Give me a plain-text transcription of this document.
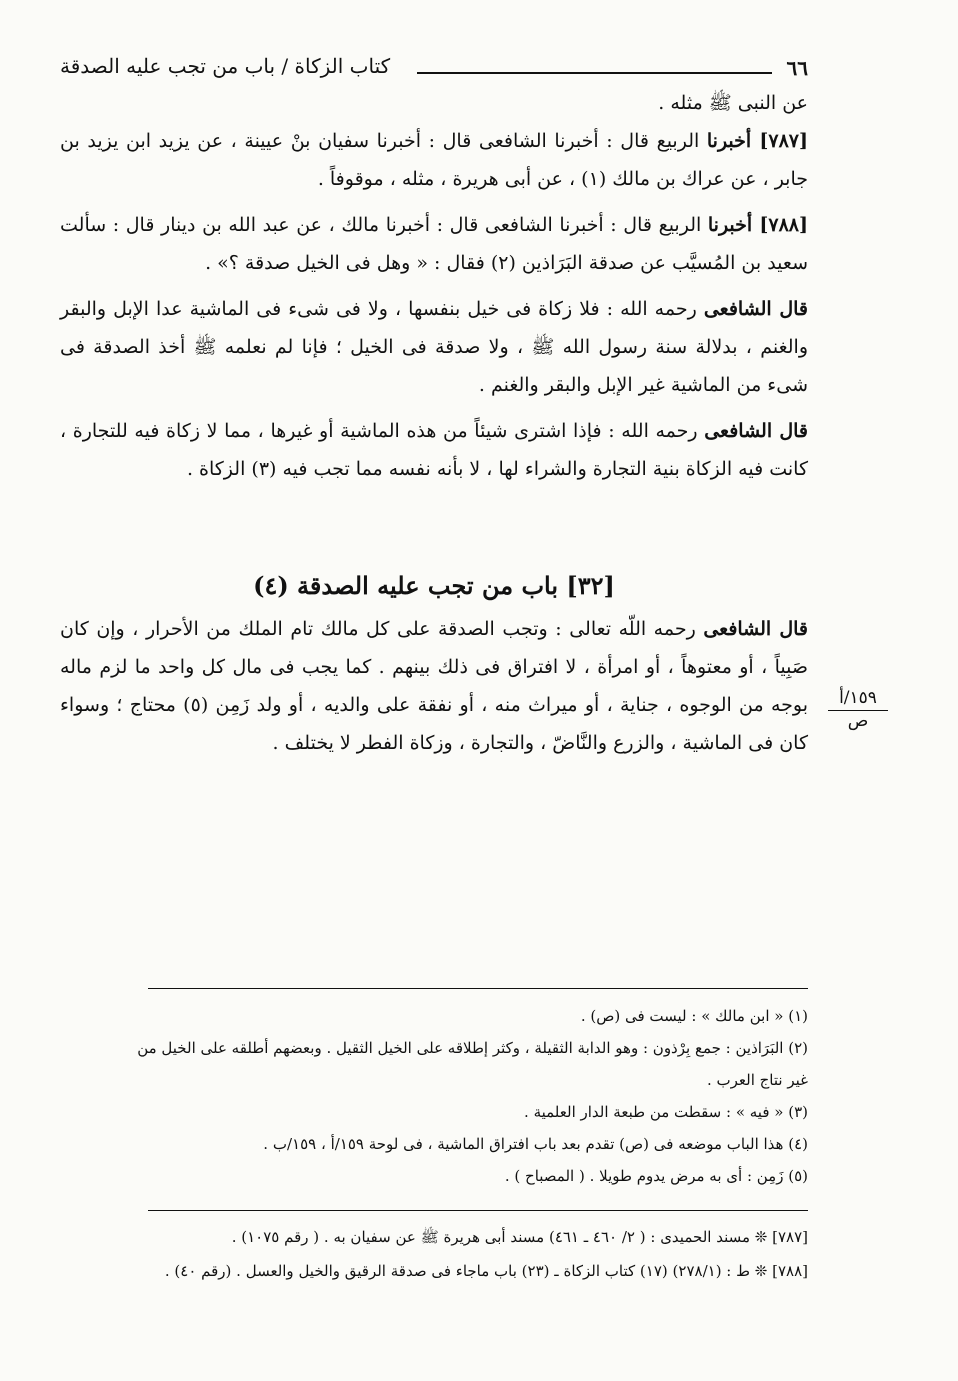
٦٦
كتاب الزكاة / باب من تجب عليه الصدقة

عن النبى ﷺ مثله .

[٧٨٧] أخبرنا الربيع قال : أخبرنا الشافعى قال : أخبرنا سفيان بنْ عيينة ، عن يزيد ابن يزيد بن جابر ، عن عراك بن مالك (١) ، عن أبى هريرة ، مثله ، موقوفاً .

[٧٨٨] أخبرنا الربيع قال : أخبرنا الشافعى قال : أخبرنا مالك ، عن عبد الله بن دينار قال : سألت سعيد بن المُسيَّب عن صدقة البَرَاذين (٢) فقال : « وهل فى الخيل صدقة ؟» .

قال الشافعى رحمه الله : فلا زكاة فى خيل بنفسها ، ولا فى شىء فى الماشية عدا الإبل والبقر والغنم ، بدلالة سنة رسول الله ﷺ ، ولا صدقة فى الخيل ؛ فإنا لم نعلمه ﷺ أخذ الصدقة فى شىء من الماشية غير الإبل والبقر والغنم .

قال الشافعى رحمه الله : فإذا اشترى شيئاً من هذه الماشية أو غيرها ، مما لا زكاة فيه للتجارة ، كانت فيه الزكاة بنية التجارة والشراء لها ، لا بأنه نفسه مما تجب فيه (٣) الزكاة .

[٣٢] باب من تجب عليه الصدقة (٤)

قال الشافعى رحمه اللّه تعالى : وتجب الصدقة على كل مالك تام الملك من الأحرار ، وإن كان صَبِياً ، أو معتوهاً ، أو امرأة ، لا افتراق فى ذلك بينهم . كما يجب فى مال كل واحد ما لزم ماله بوجه من الوجوه ، جناية ، أو ميراث منه ، أو نفقة على والديه ، أو ولد زَمِن (٥) محتاج ؛ وسواء كان فى الماشية ، والزرع والنَّاضّ ، والتجارة ، وزكاة الفطر لا يختلف .

١٥٩/أ
ص

(١) « ابن مالك » : ليست فى (ص) .

(٢) البَرَاذين : جمع بِرْذون : وهو الدابة الثقيلة ، وكثر إطلاقه على الخيل الثقيل . وبعضهم أطلقه على الخيل من

غير نتاج العرب .

(٣) « فيه » : سقطت من طبعة الدار العلمية .

(٤) هذا الباب موضعه فى (ص) تقدم بعد باب افتراق الماشية ، فى لوحة ١٥٩/أ ، ١٥٩/ب .

(٥) زَمِن : أى به مرض يدوم طويلا . ( المصباح ) .

[٧٨٧] ❊ مسند الحميدى : ( ٢/ ٤٦٠ ـ ٤٦١) مسند أبى هريرة ﷺ عن سفيان به . ( رقم ١٠٧٥) .

[٧٨٨] ❊ ط : (٢٧٨/١) (١٧) كتاب الزكاة ـ (٢٣) باب ماجاء فى صدقة الرقيق والخيل والعسل . (رقم ٤٠) .
